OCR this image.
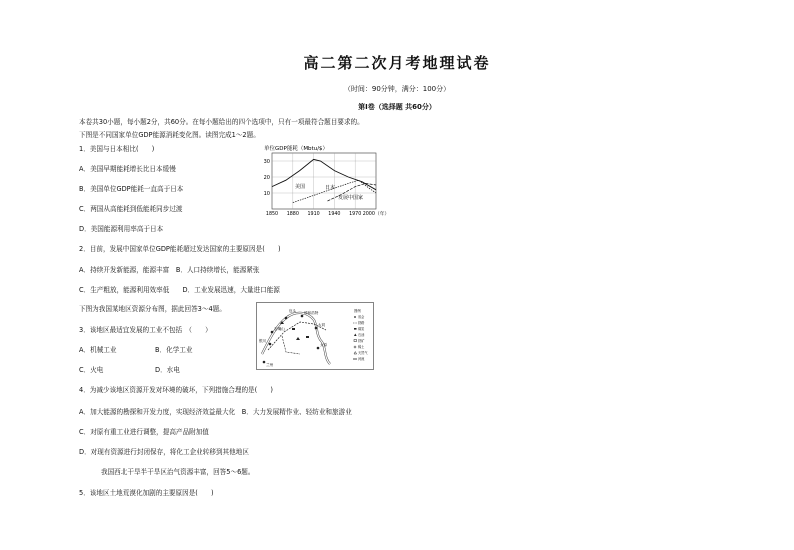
高二第二次月考地理试卷
（时间：90分钟，满分：100分）
第Ⅰ卷（选择题 共60分）
本卷共30小题，每小题2分，共60分。在每小题给出的四个选项中，只有一项最符合题目要求的。
下图是不同国家单位GDP能源消耗变化图。读图完成1～2题。
1．美国与日本相比(　　)
A．美国早期能耗增长比日本缓慢
B．美国单位GDP能耗一直高于日本
C．两国从高能耗到低能耗同步过渡
D．美国能源利用率高于日本
单位GDP能耗（Mbtu/$）
30
20
10
1850 1880 1910 1940 1970 2000（年）
美国	日本
发展中国家
2．目前，发展中国家单位GDP能耗超过发达国家的主要原因是(　　)
A．持续开发新能源，能源丰富　B．人口持续增长，能源紧张
C．生产粗放，能源利用效率低　　D．工业发展迅速，大量进口能源
下图为我国某地区资源分布图，据此回答3～4题。
3．该地区最适宜发展的工业不包括　（　　）
A．机械工业	B．化学工业
C．火电	D．水电
包头 呼和浩特
大同
石嘴山
银川
太原
兰州
图例
省会
铁路
煤炭
石油
铁矿
稀土
天然气
河流
4．为减少该地区资源开发对环境的破坏，下列措施合理的是(　　)
A．加大能源的勘探和开发力度，实现经济效益最大化　B．大力发展精作业、轻纺业和旅游业
C．对原有重工业进行调整，提高产品附加值
D．对现有资源进行封闭保存，将化工企业转移到其他地区
我国西北干旱半干旱区治气资源丰富，回答5～6题。
5．该地区土地荒漠化加剧的主要原因是(　　)
